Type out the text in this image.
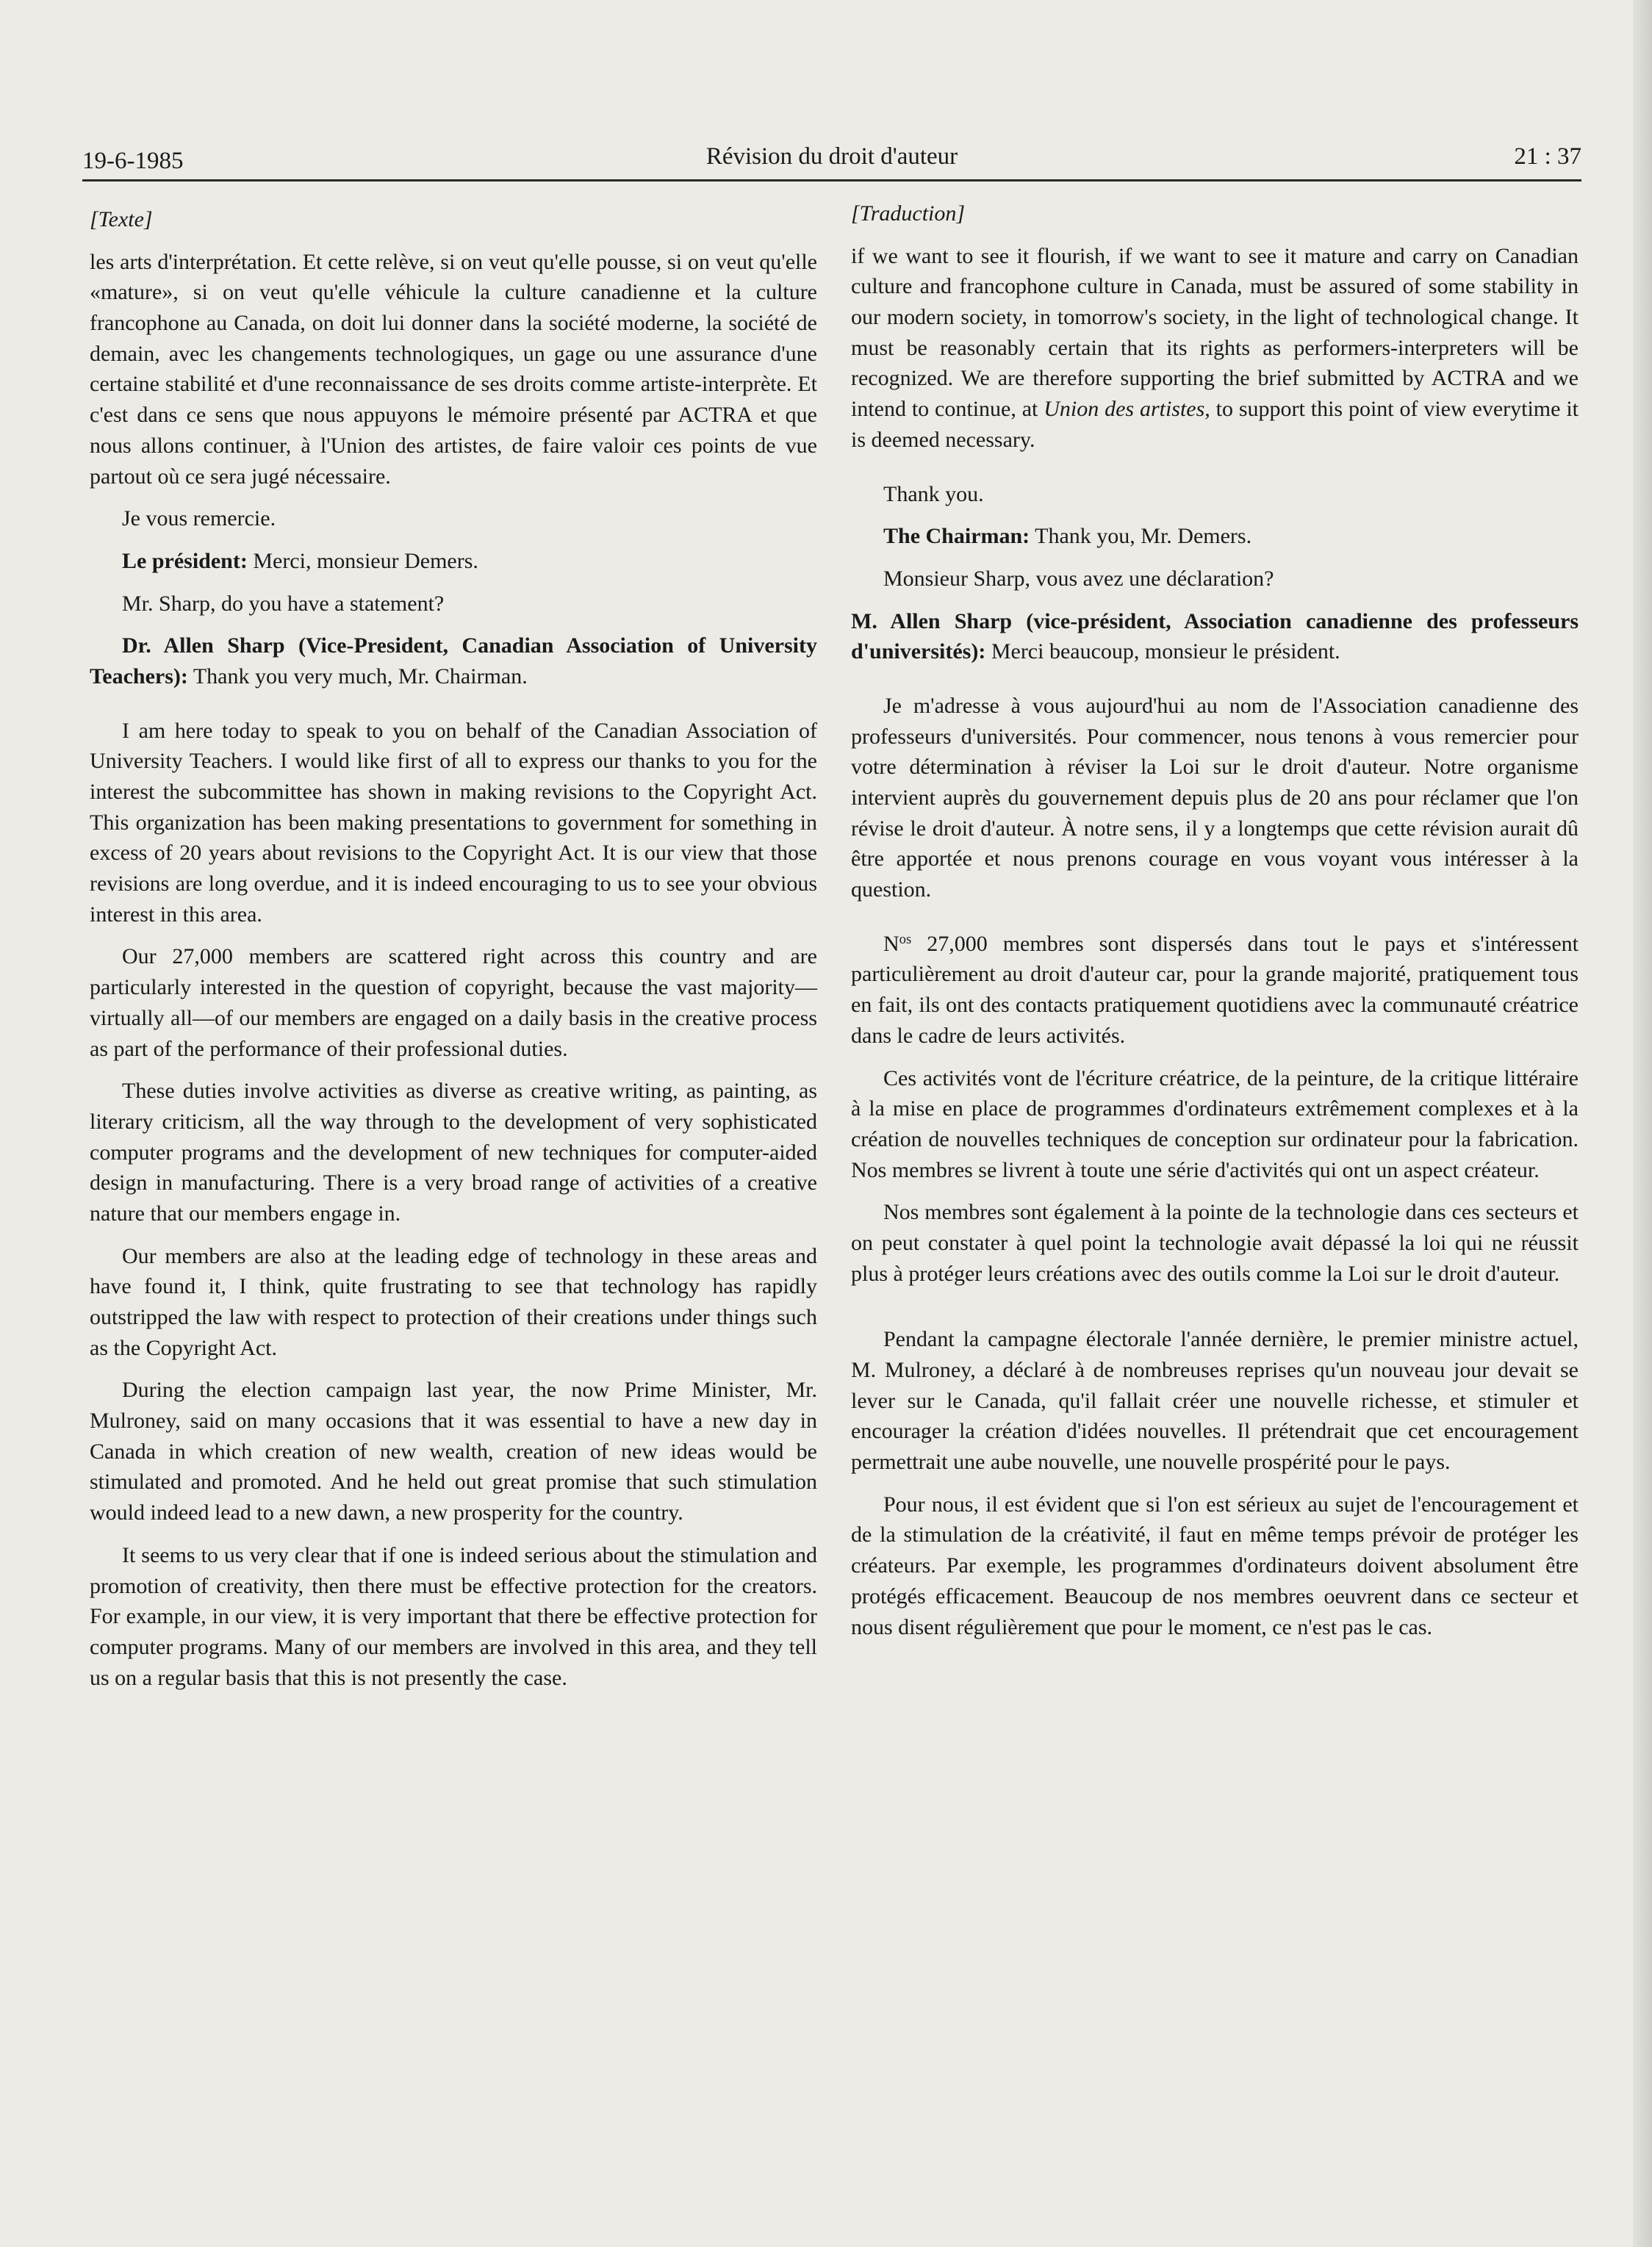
19-6-1985	Révision du droit d'auteur	21 : 37

[Texte]

les arts d'interprétation. Et cette relève, si on veut qu'elle pousse, si on veut qu'elle «mature», si on veut qu'elle véhicule la culture canadienne et la culture francophone au Canada, on doit lui donner dans la société moderne, la société de demain, avec les changements technologiques, un gage ou une assurance d'une certaine stabilité et d'une reconnaissance de ses droits comme artiste-interprète. Et c'est dans ce sens que nous appuyons le mémoire présenté par ACTRA et que nous allons continuer, à l'Union des artistes, de faire valoir ces points de vue partout où ce sera jugé nécessaire.

Je vous remercie.

Le président: Merci, monsieur Demers.

Mr. Sharp, do you have a statement?

Dr. Allen Sharp (Vice-President, Canadian Association of University Teachers): Thank you very much, Mr. Chairman.

I am here today to speak to you on behalf of the Canadian Association of University Teachers. I would like first of all to express our thanks to you for the interest the subcommittee has shown in making revisions to the Copyright Act. This organization has been making presentations to government for something in excess of 20 years about revisions to the Copyright Act. It is our view that those revisions are long overdue, and it is indeed encouraging to us to see your obvious interest in this area.

Our 27,000 members are scattered right across this country and are particularly interested in the question of copyright, because the vast majority—virtually all—of our members are engaged on a daily basis in the creative process as part of the performance of their professional duties.

These duties involve activities as diverse as creative writing, as painting, as literary criticism, all the way through to the development of very sophisticated computer programs and the development of new techniques for computer-aided design in manufacturing. There is a very broad range of activities of a creative nature that our members engage in.

Our members are also at the leading edge of technology in these areas and have found it, I think, quite frustrating to see that technology has rapidly outstripped the law with respect to protection of their creations under things such as the Copyright Act.

During the election campaign last year, the now Prime Minister, Mr. Mulroney, said on many occasions that it was essential to have a new day in Canada in which creation of new wealth, creation of new ideas would be stimulated and promoted. And he held out great promise that such stimulation would indeed lead to a new dawn, a new prosperity for the country.

It seems to us very clear that if one is indeed serious about the stimulation and promotion of creativity, then there must be effective protection for the creators. For example, in our view, it is very important that there be effective protection for computer programs. Many of our members are involved in this area, and they tell us on a regular basis that this is not presently the case.

[Traduction]

if we want to see it flourish, if we want to see it mature and carry on Canadian culture and francophone culture in Canada, must be assured of some stability in our modern society, in tomorrow's society, in the light of technological change. It must be reasonably certain that its rights as performers-interpreters will be recognized. We are therefore supporting the brief submitted by ACTRA and we intend to continue, at Union des artistes, to support this point of view everytime it is deemed necessary.

Thank you.

The Chairman: Thank you, Mr. Demers.

Monsieur Sharp, vous avez une déclaration?

M. Allen Sharp (vice-président, Association canadienne des professeurs d'universités): Merci beaucoup, monsieur le président.

Je m'adresse à vous aujourd'hui au nom de l'Association canadienne des professeurs d'universités. Pour commencer, nous tenons à vous remercier pour votre détermination à réviser la Loi sur le droit d'auteur. Notre organisme intervient auprès du gouvernement depuis plus de 20 ans pour réclamer que l'on révise le droit d'auteur. À notre sens, il y a longtemps que cette révision aurait dû être apportée et nous prenons courage en vous voyant vous intéresser à la question.

$N^{os}$ 27,000 membres sont dispersés dans tout le pays et s'intéressent particulièrement au droit d'auteur car, pour la grande majorité, pratiquement tous en fait, ils ont des contacts pratiquement quotidiens avec la communauté créatrice dans le cadre de leurs activités.

Ces activités vont de l'écriture créatrice, de la peinture, de la critique littéraire à la mise en place de programmes d'ordinateurs extrêmement complexes et à la création de nouvelles techniques de conception sur ordinateur pour la fabrication. Nos membres se livrent à toute une série d'activités qui ont un aspect créateur.

Nos membres sont également à la pointe de la technologie dans ces secteurs et on peut constater à quel point la technologie avait dépassé la loi qui ne réussit plus à protéger leurs créations avec des outils comme la Loi sur le droit d'auteur.

Pendant la campagne électorale l'année dernière, le premier ministre actuel, M. Mulroney, a déclaré à de nombreuses reprises qu'un nouveau jour devait se lever sur le Canada, qu'il fallait créer une nouvelle richesse, et stimuler et encourager la création d'idées nouvelles. Il prétendrait que cet encouragement permettrait une aube nouvelle, une nouvelle prospérité pour le pays.

Pour nous, il est évident que si l'on est sérieux au sujet de l'encouragement et de la stimulation de la créativité, il faut en même temps prévoir de protéger les créateurs. Par exemple, les programmes d'ordinateurs doivent absolument être protégés efficacement. Beaucoup de nos membres oeuvrent dans ce secteur et nous disent régulièrement que pour le moment, ce n'est pas le cas.
